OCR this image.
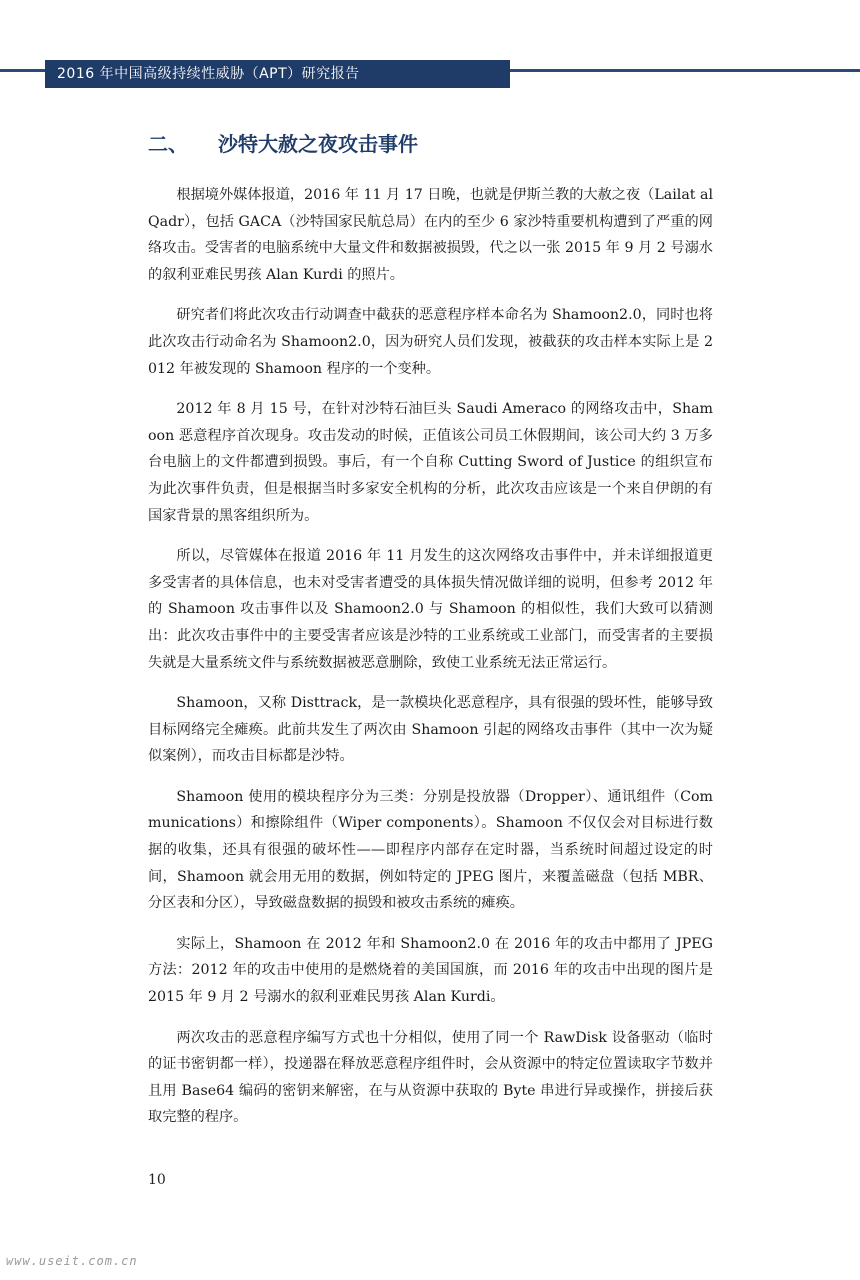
2016 年中国高级持续性威胁（APT）研究报告
二、 沙特大赦之夜攻击事件

根据境外媒体报道，2016 年 11 月 17 日晚，也就是伊斯兰教的大赦之夜（Lailat al Qadr），包括 GACA（沙特国家民航总局）在内的至少 6 家沙特重要机构遭到了严重的网络攻击。受害者的电脑系统中大量文件和数据被损毁，代之以一张 2015 年 9 月 2 号溺水的叙利亚难民男孩 Alan Kurdi 的照片。

研究者们将此次攻击行动调查中截获的恶意程序样本命名为 Shamoon2.0，同时也将此次攻击行动命名为 Shamoon2.0，因为研究人员们发现，被截获的攻击样本实际上是 2012 年被发现的 Shamoon 程序的一个变种。

2012 年 8 月 15 号，在针对沙特石油巨头 Saudi Ameraco 的网络攻击中，Shamoon 恶意程序首次现身。攻击发动的时候，正值该公司员工休假期间，该公司大约 3 万多台电脑上的文件都遭到损毁。事后，有一个自称 Cutting Sword of Justice 的组织宣布为此次事件负责，但是根据当时多家安全机构的分析，此次攻击应该是一个来自伊朗的有国家背景的黑客组织所为。

所以，尽管媒体在报道 2016 年 11 月发生的这次网络攻击事件中，并未详细报道更多受害者的具体信息，也未对受害者遭受的具体损失情况做详细的说明，但参考 2012 年的 Shamoon 攻击事件以及 Shamoon2.0 与 Shamoon 的相似性，我们大致可以猜测出：此次攻击事件中的主要受害者应该是沙特的工业系统或工业部门，而受害者的主要损失就是大量系统文件与系统数据被恶意删除，致使工业系统无法正常运行。

Shamoon，又称 Disttrack，是一款模块化恶意程序，具有很强的毁坏性，能够导致目标网络完全瘫痪。此前共发生了两次由 Shamoon 引起的网络攻击事件（其中一次为疑似案例），而攻击目标都是沙特。

Shamoon 使用的模块程序分为三类：分别是投放器（Dropper）、通讯组件（Communications）和擦除组件（Wiper components）。Shamoon 不仅仅会对目标进行数据的收集，还具有很强的破坏性——即程序内部存在定时器，当系统时间超过设定的时间，Shamoon 就会用无用的数据，例如特定的 JPEG 图片，来覆盖磁盘（包括 MBR、分区表和分区），导致磁盘数据的损毁和被攻击系统的瘫痪。

实际上，Shamoon 在 2012 年和 Shamoon2.0 在 2016 年的攻击中都用了 JPEG 方法：2012 年的攻击中使用的是燃烧着的美国国旗，而 2016 年的攻击中出现的图片是 2015 年 9 月 2 号溺水的叙利亚难民男孩 Alan Kurdi。

两次攻击的恶意程序编写方式也十分相似，使用了同一个 RawDisk 设备驱动（临时的证书密钥都一样），投递器在释放恶意程序组件时，会从资源中的特定位置读取字节数并且用 Base64 编码的密钥来解密，在与从资源中获取的 Byte 串进行异或操作，拼接后获取完整的程序。

10
www.useit.com.cn
